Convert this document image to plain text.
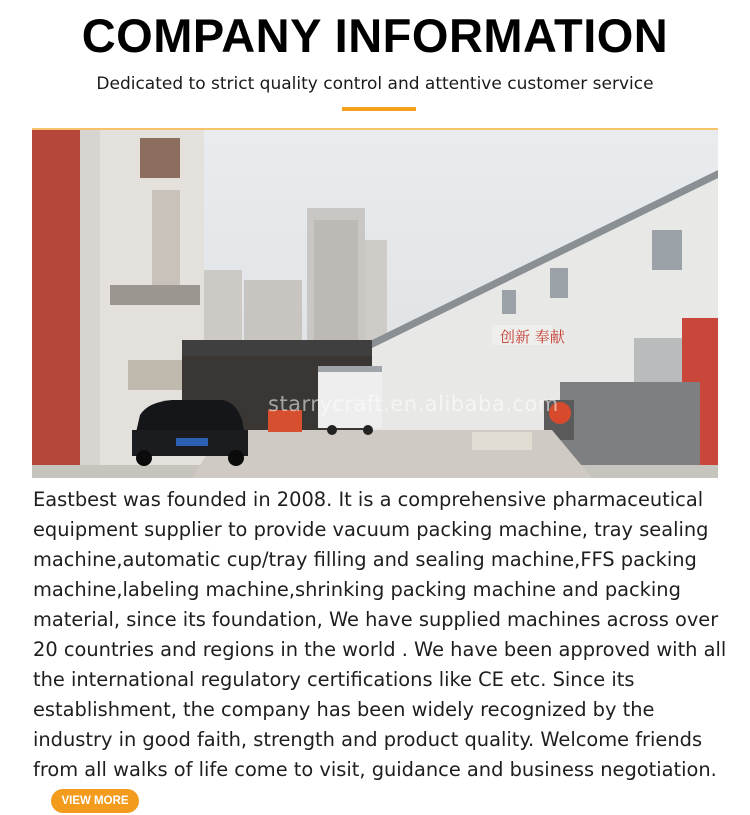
COMPANY INFORMATION
Dedicated to strict quality control and attentive customer service
创新 奉献
starrycraft.en.alibaba.com

Eastbest was founded in 2008. It is a comprehensive pharmaceutical equipment supplier to provide vacuum packing machine, tray sealing machine,automatic cup/tray filling and sealing machine,FFS packing machine,labeling machine,shrinking packing machine and packing material, since its foundation, We have supplied machines across over 20 countries and regions in the world . We have been approved with all the international regulatory certifications like CE etc. Since its establishment, the company has been widely recognized by the industry in good faith, strength and product quality. Welcome friends from all walks of life come to visit, guidance and business negotiation.VIEW MORE
